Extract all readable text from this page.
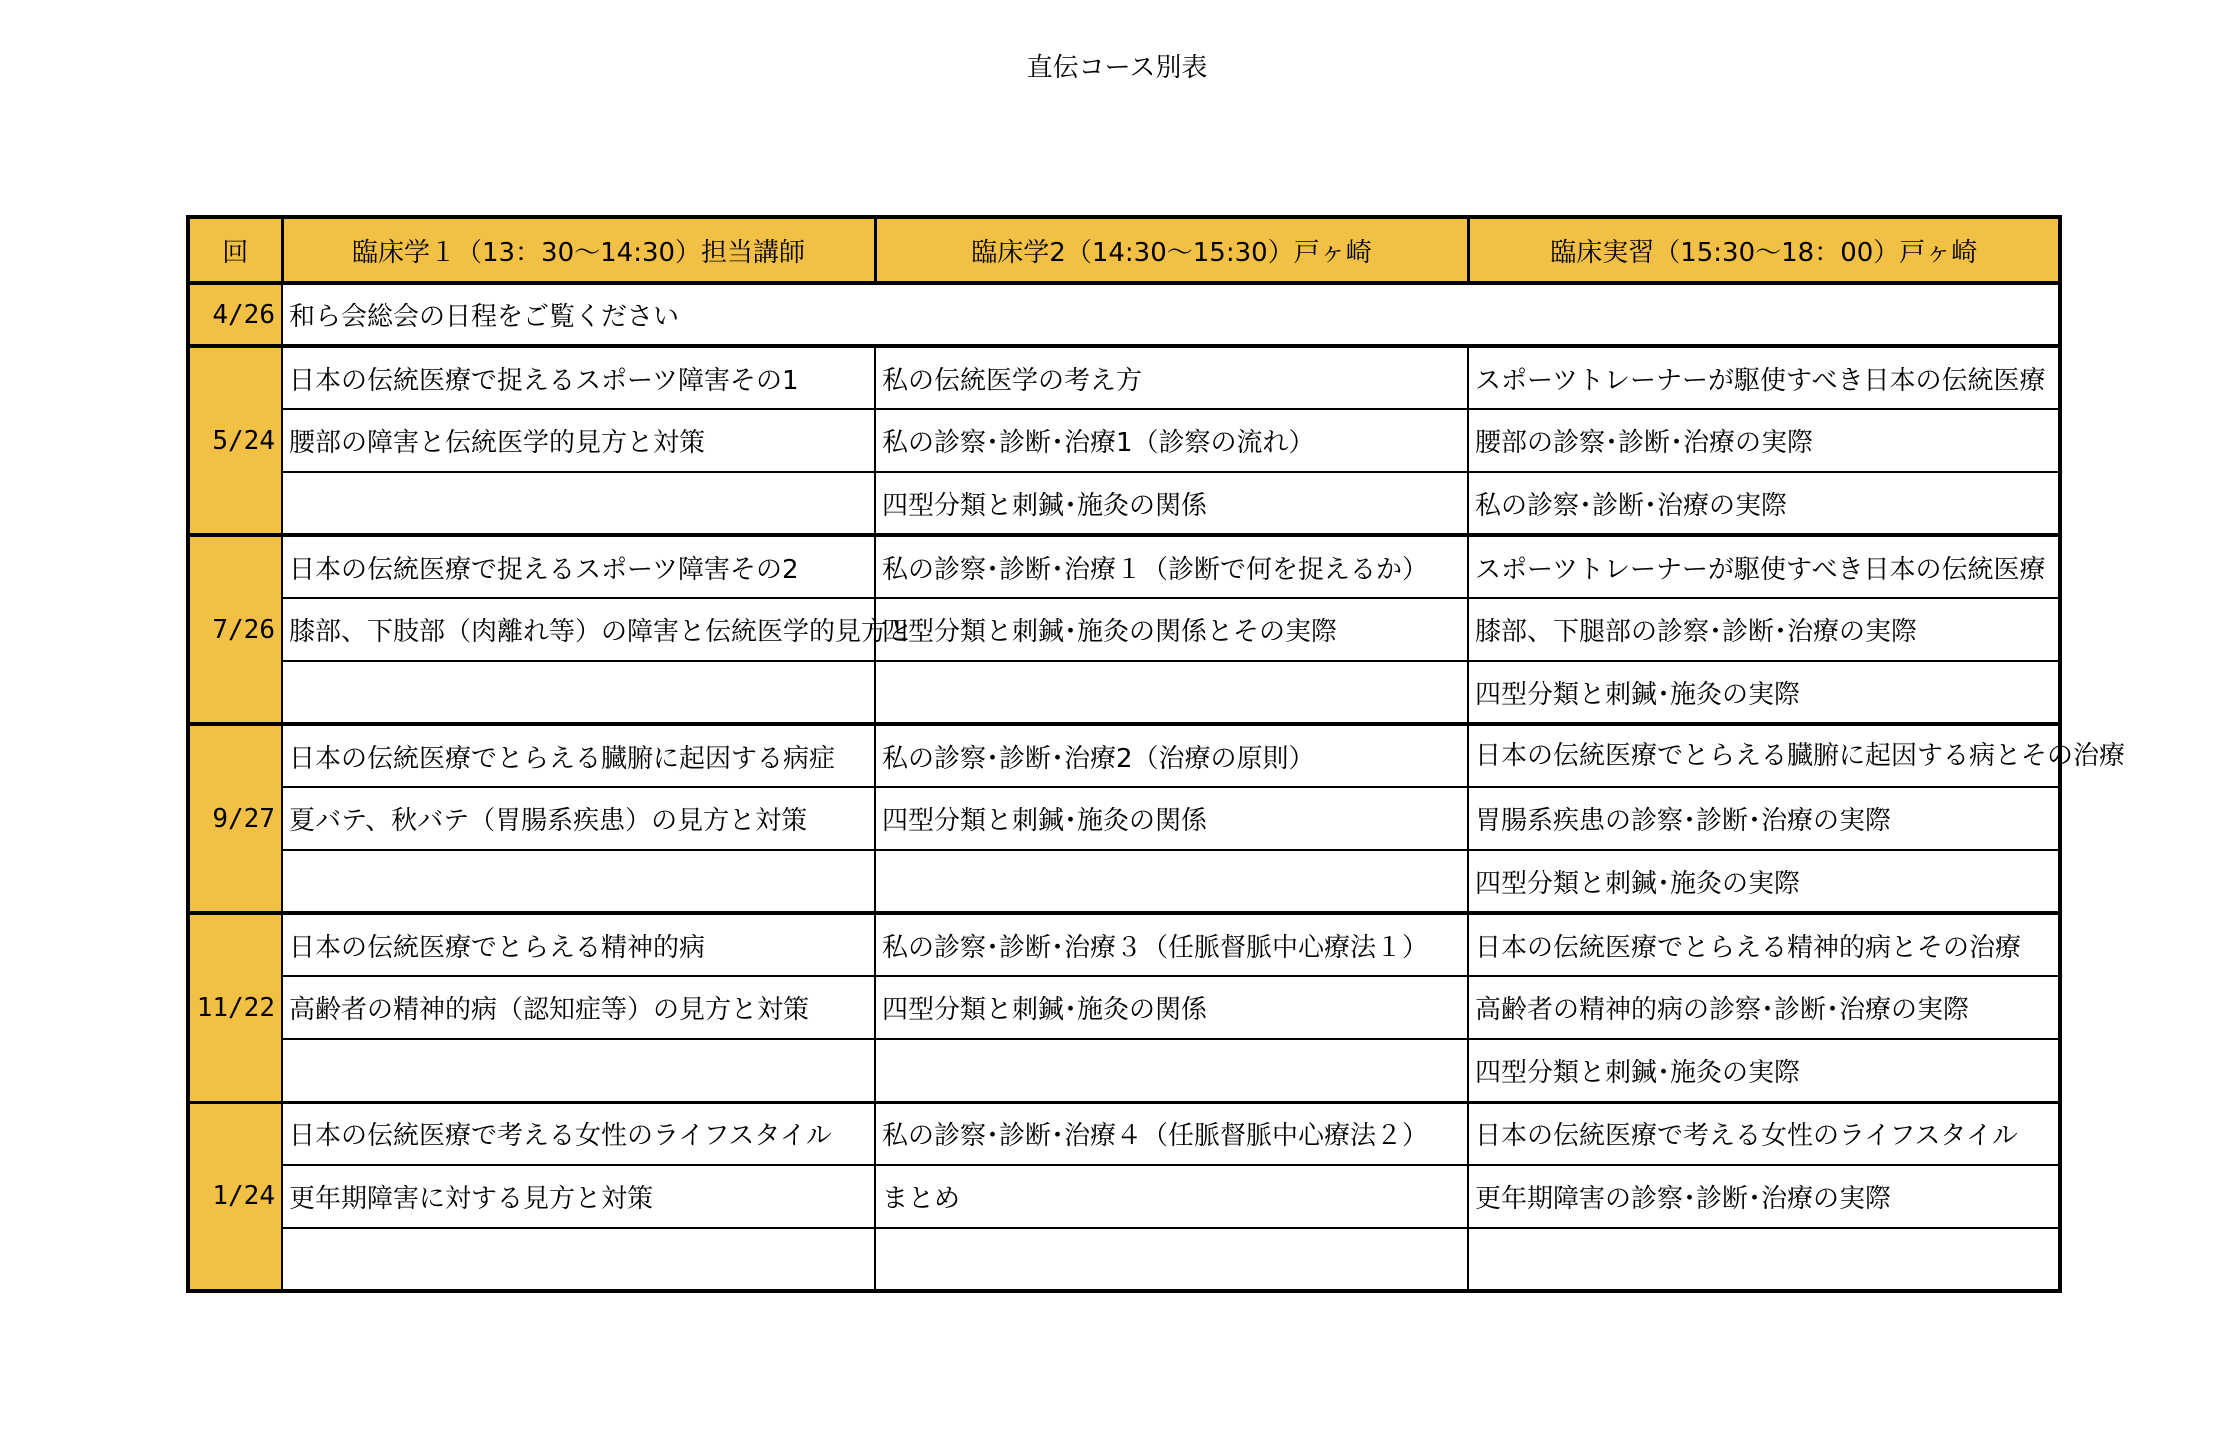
直伝コース別表
回	臨床学１（13：30～14:30）担当講師	臨床学2（14:30～15:30）戸ヶ崎	臨床実習（15:30～18：00）戸ヶ崎
4/26	和ら会総会の日程をご覧ください		
5/24	日本の伝統医療で捉えるスポーツ障害その1	私の伝統医学の考え方	スポーツトレーナーが駆使すべき日本の伝統医療
	腰部の障害と伝統医学的見方と対策	私の診察･診断･治療1（診察の流れ）	腰部の診察･診断･治療の実際
		四型分類と刺鍼･施灸の関係	私の診察･診断･治療の実際
7/26	日本の伝統医療で捉えるスポーツ障害その2	私の診察･診断･治療１（診断で何を捉えるか）	スポーツトレーナーが駆使すべき日本の伝統医療
	膝部、下肢部（肉離れ等）の障害と伝統医学的見方と	四型分類と刺鍼･施灸の関係とその実際	膝部、下腿部の診察･診断･治療の実際
			四型分類と刺鍼･施灸の実際
9/27	日本の伝統医療でとらえる臓腑に起因する病症	私の診察･診断･治療2（治療の原則）	日本の伝統医療でとらえる臓腑に起因する病とその治療
	夏バテ、秋バテ（胃腸系疾患）の見方と対策	四型分類と刺鍼･施灸の関係	胃腸系疾患の診察･診断･治療の実際
			四型分類と刺鍼･施灸の実際
11/22	日本の伝統医療でとらえる精神的病	私の診察･診断･治療３（任脈督脈中心療法１）	日本の伝統医療でとらえる精神的病とその治療
	高齢者の精神的病（認知症等）の見方と対策	四型分類と刺鍼･施灸の関係	高齢者の精神的病の診察･診断･治療の実際
			四型分類と刺鍼･施灸の実際
1/24	日本の伝統医療で考える女性のライフスタイル	私の診察･診断･治療４（任脈督脈中心療法２）	日本の伝統医療で考える女性のライフスタイル
	更年期障害に対する見方と対策	まとめ	更年期障害の診察･診断･治療の実際
